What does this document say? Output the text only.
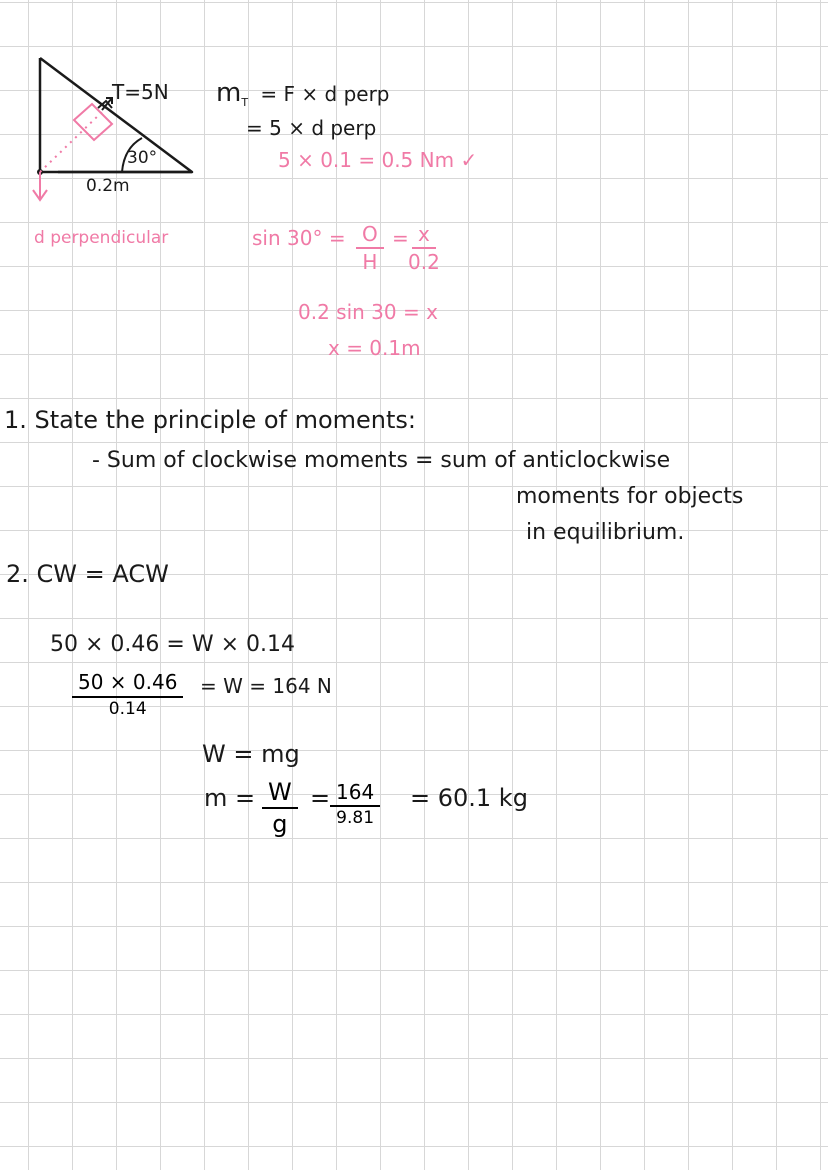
T=5N
30°
0.2m
$m_T = F \times d$ perp
= 5 × d perp
5 × 0.1 = 0.5 Nm ✓
d perpendicular	$\sin 30^\circ = \frac{O}{H} = \frac{x}{0.2}$
0.2 sin 30 = x
x = 0.1m
1. State the principle of moments:
- Sum of clockwise moments = sum of anticlockwise
moments for objects
in equilibrium.
2. CW = ACW
50 × 0.46 = W × 0.14
$\frac{50 \times 0.46}{0.14} = W = 164$ N
W = mg
$m = \frac{W}{g} = \frac{164}{9.81} = 60.1$ kg
